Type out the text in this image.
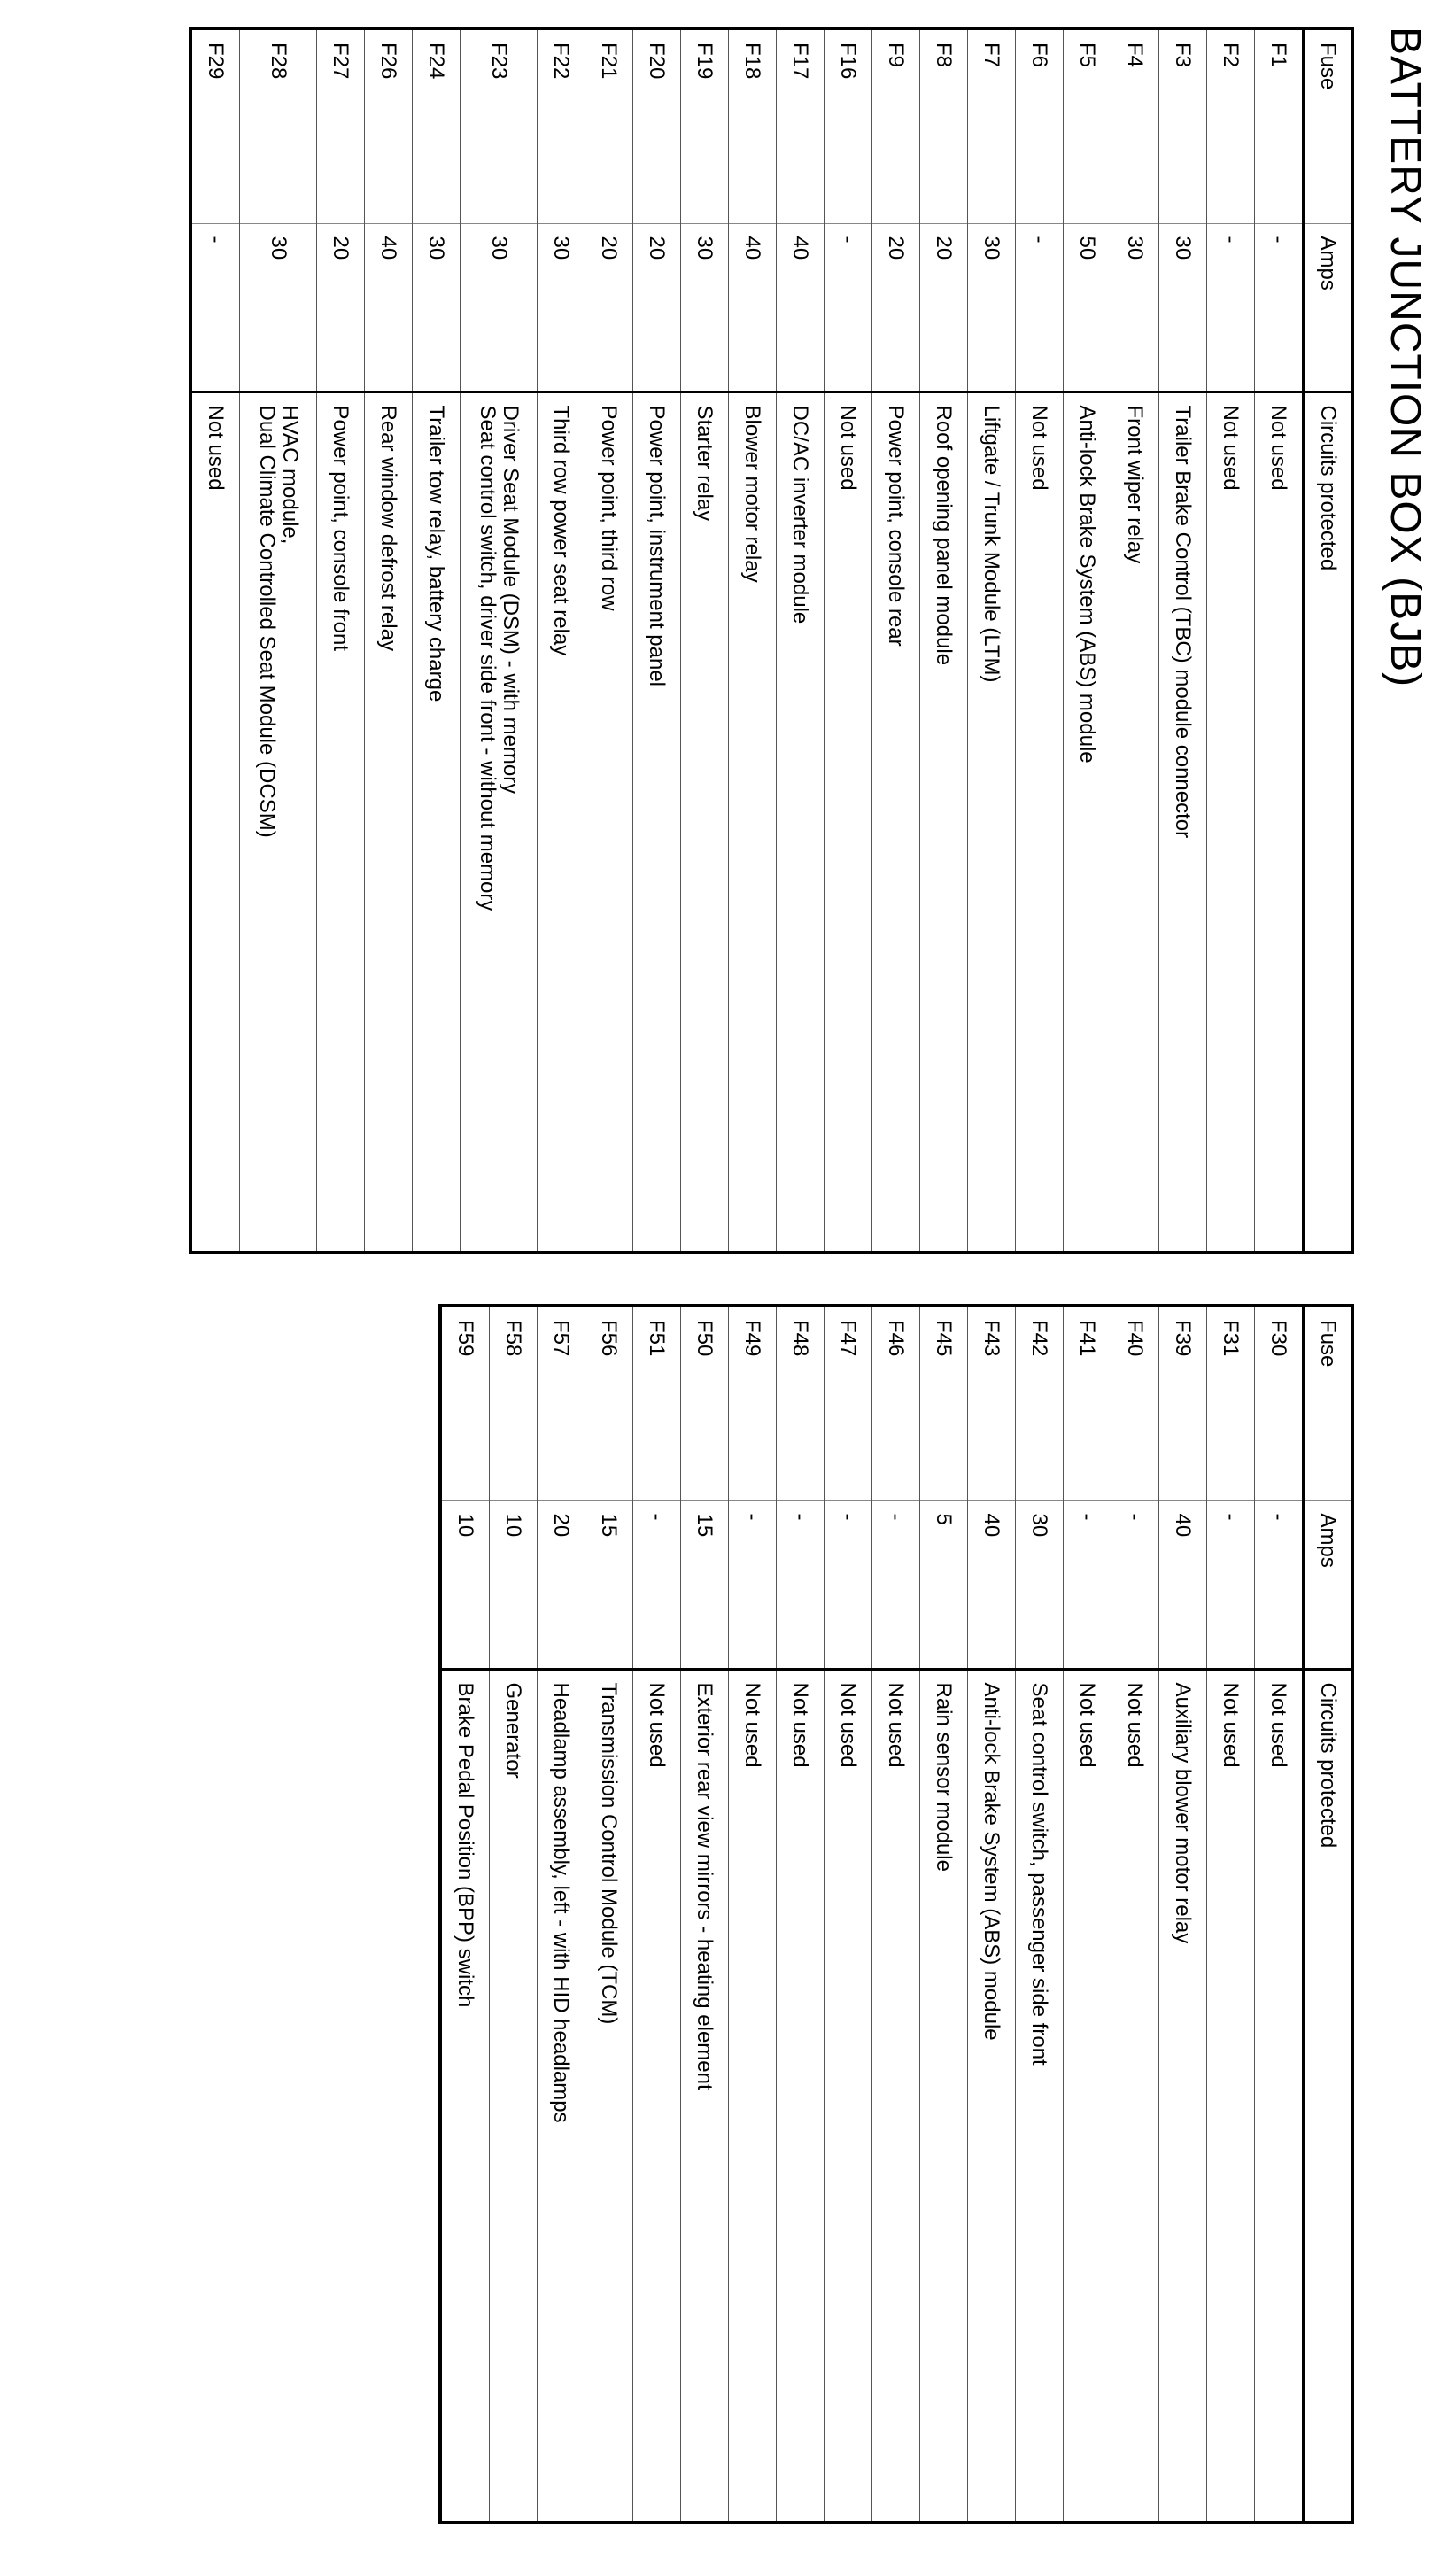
BATTERY JUNCTION BOX (BJB)
Fuse	Amps	Circuits protected
F1	-	Not used
F2	-	Not used
F3	30	Trailer Brake Control (TBC) module connector
F4	30	Front wiper relay
F5	50	Anti-lock Brake System (ABS) module
F6	-	Not used
F7	30	Liftgate / Trunk Module (LTM)
F8	20	Roof opening panel module
F9	20	Power point, console rear
F16	-	Not used
F17	40	DC/AC inverter module
F18	40	Blower motor relay
F19	30	Starter relay
F20	20	Power point, instrument panel
F21	20	Power point, third row
F22	30	Third row power seat relay
F23	30	Driver Seat Module (DSM) - with memory
Seat control switch, driver side front - without memory
F24	30	Trailer tow relay, battery charge
F26	40	Rear window defrost relay
F27	20	Power point, console front
F28	30	HVAC module,
Dual Climate Controlled Seat Module (DCSM)
F29	-	Not used
Fuse	Amps	Circuits protected
F30	-	Not used
F31	-	Not used
F39	40	Auxiliary blower motor relay
F40	-	Not used
F41	-	Not used
F42	30	Seat control switch, passenger side front
F43	40	Anti-lock Brake System (ABS) module
F45	5	Rain sensor module
F46	-	Not used
F47	-	Not used
F48	-	Not used
F49	-	Not used
F50	15	Exterior rear view mirrors - heating element
F51	-	Not used
F56	15	Transmission Control Module (TCM)
F57	20	Headlamp assembly, left - with HID headlamps
F58	10	Generator
F59	10	Brake Pedal Position (BPP) switch
